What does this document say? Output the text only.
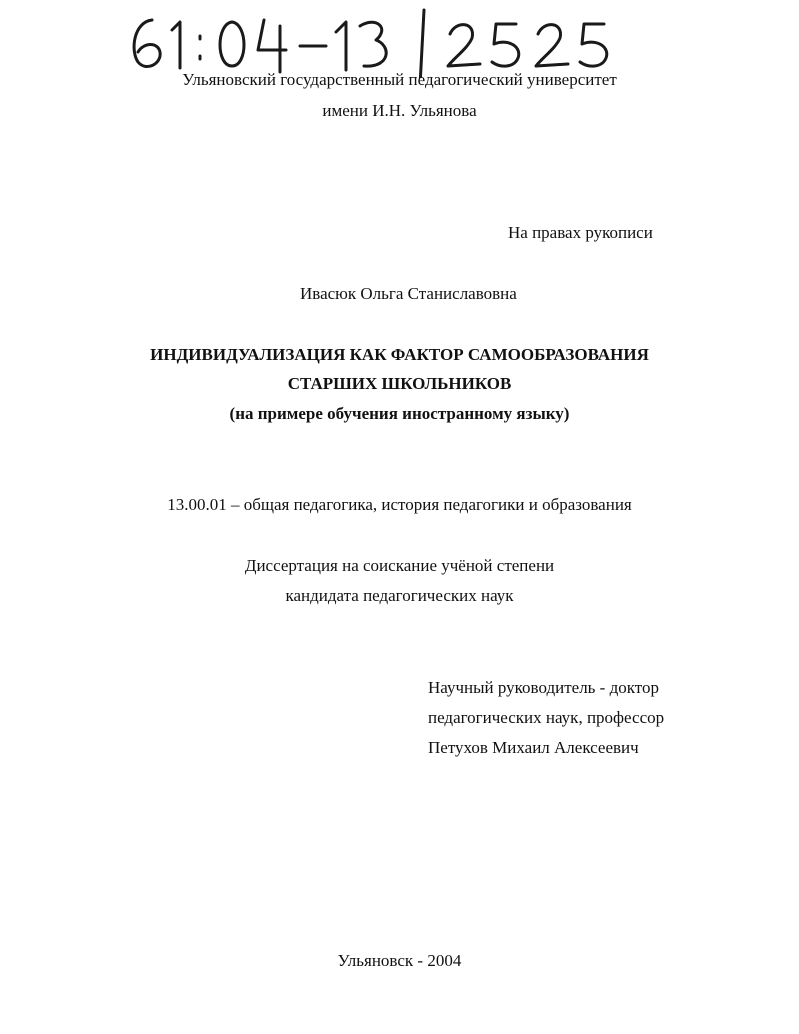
Ульяновский государственный педагогический университет
имени И.Н. Ульянова
На правах рукописи
Ивасюк Ольга Станиславовна
ИНДИВИДУАЛИЗАЦИЯ КАК ФАКТОР САМООБРАЗОВАНИЯ
СТАРШИХ ШКОЛЬНИКОВ
(на примере обучения иностранному языку)
13.00.01 – общая педагогика, история педагогики и образования
Диссертация на соискание учёной степени
кандидата педагогических наук
Научный руководитель - доктор
педагогических наук, профессор
Петухов Михаил Алексеевич
Ульяновск - 2004
